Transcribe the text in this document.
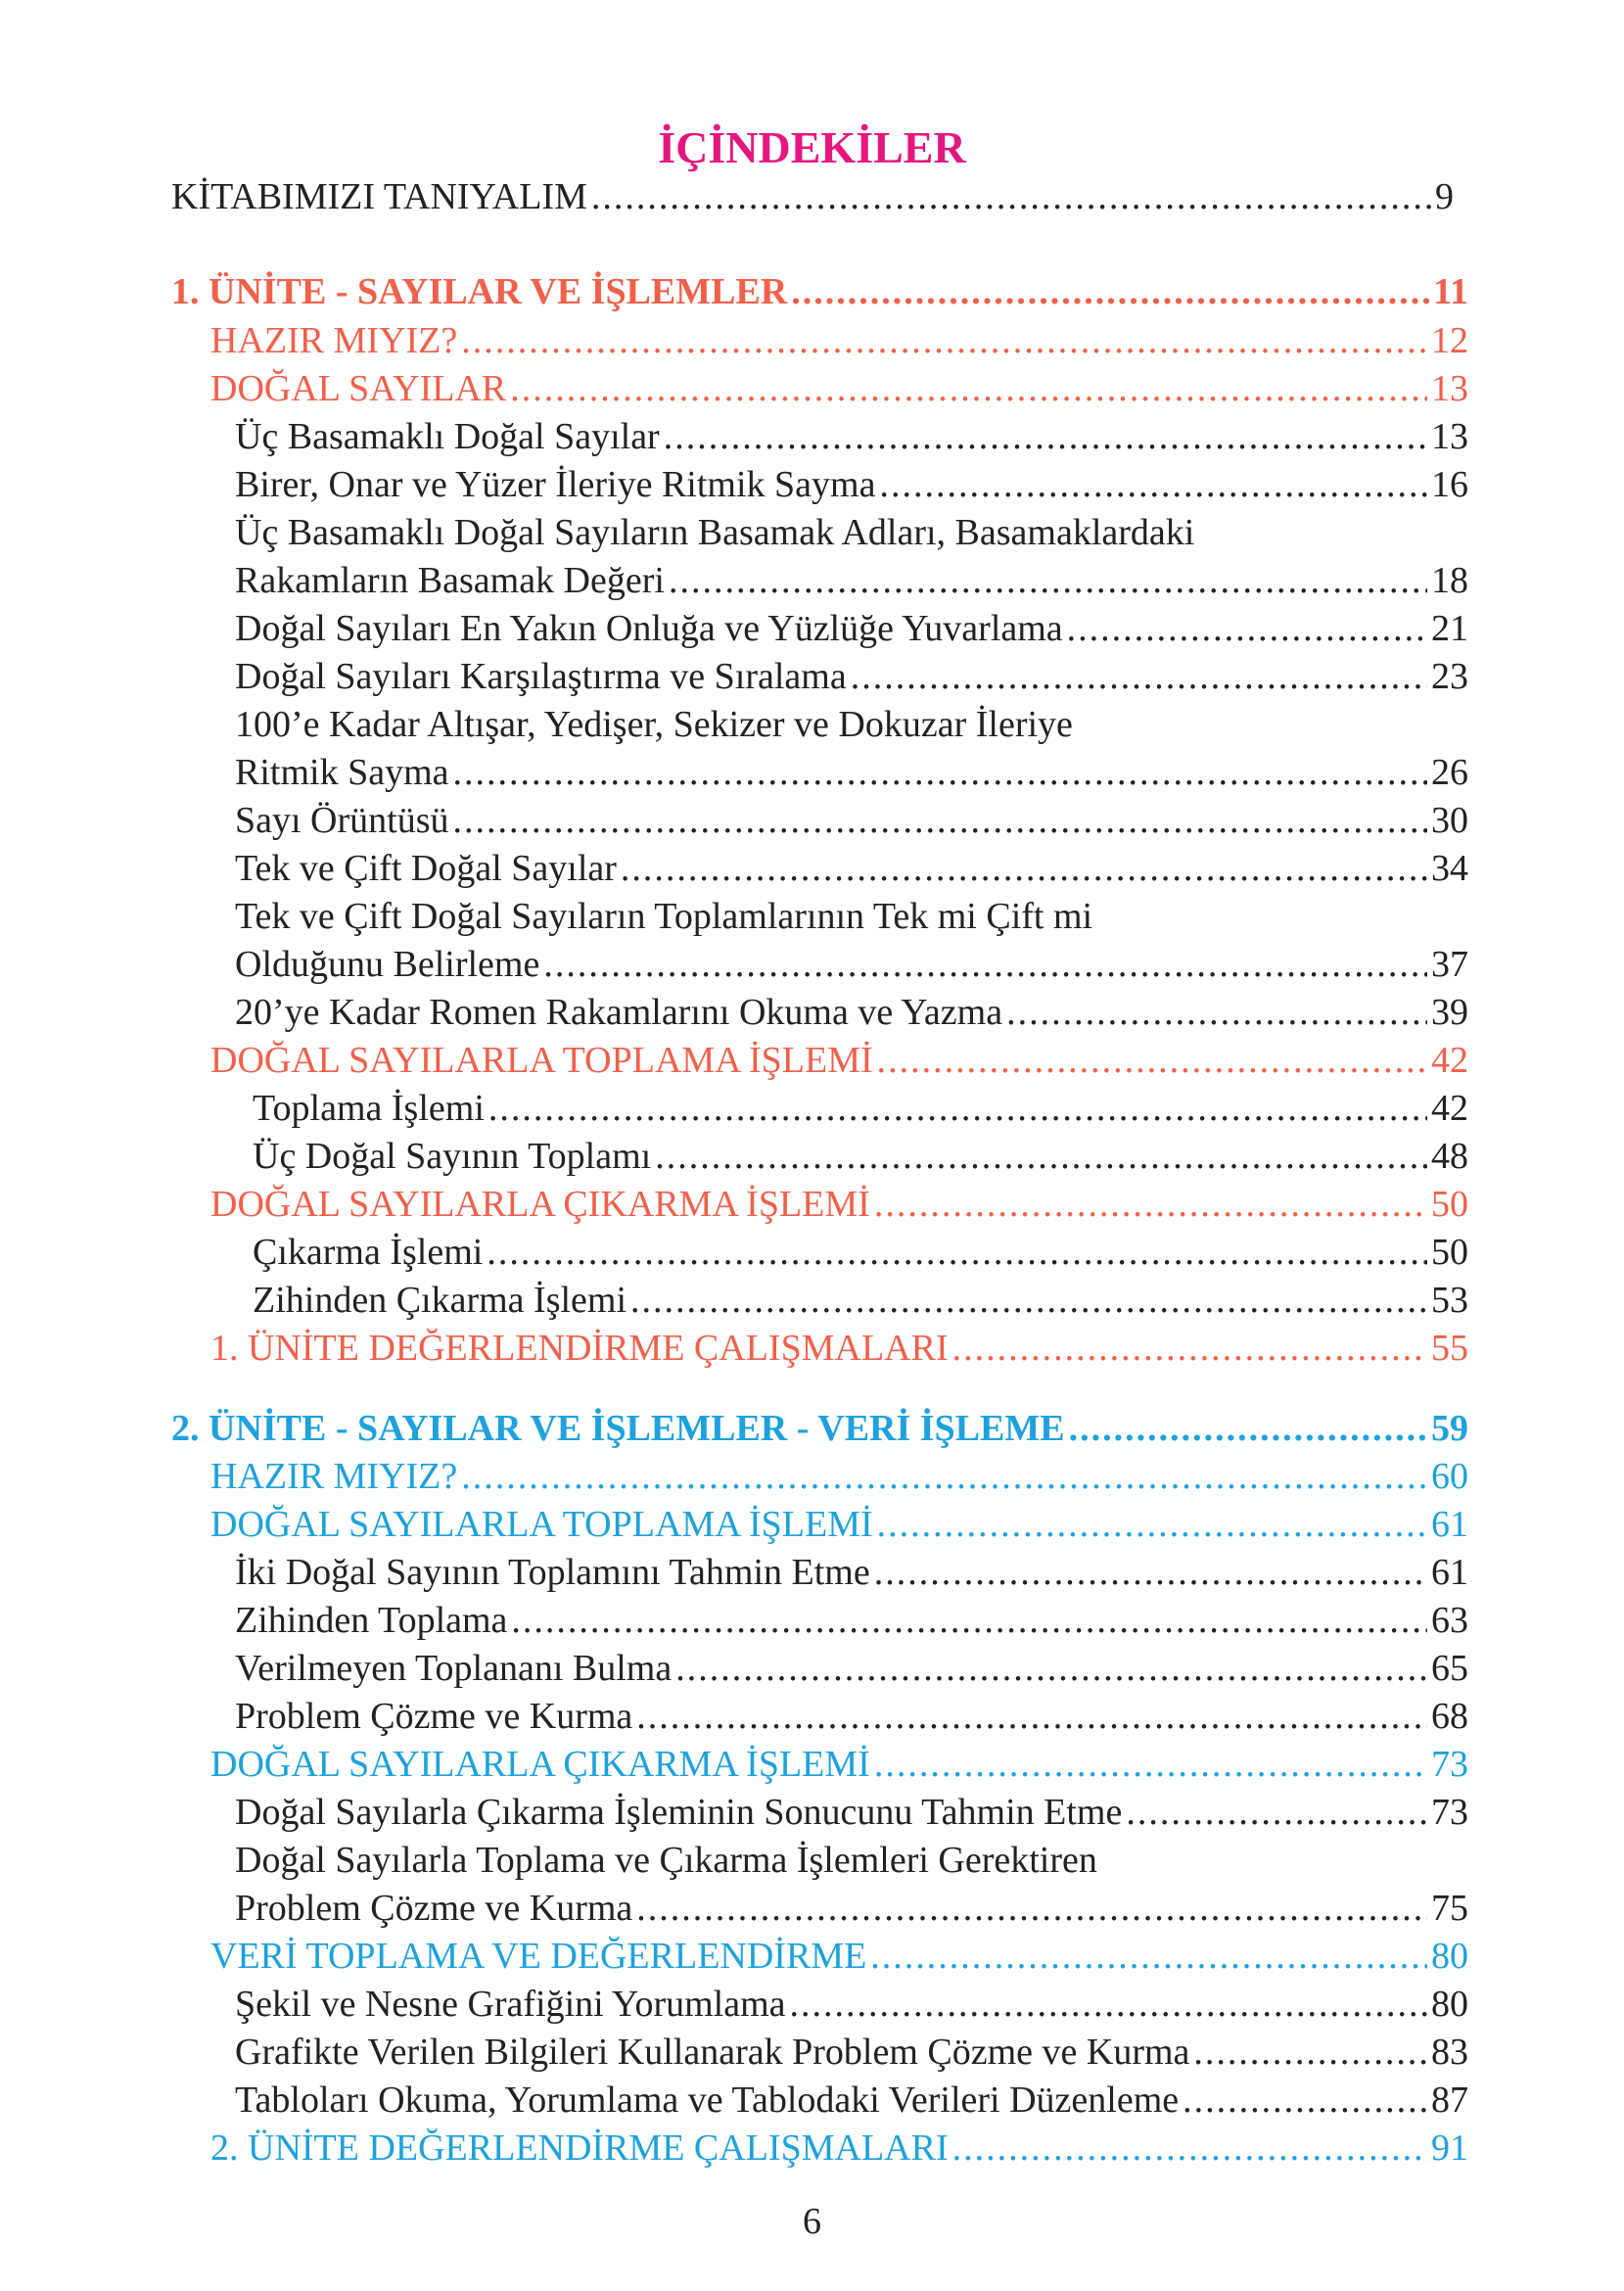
İÇİNDEKİLER
KİTABIMIZI TANIYALIM .....	9
1. ÜNİTE - SAYILAR VE İŞLEMLER .....	11
HAZIR MIYIZ? .....	12
DOĞAL SAYILAR .....	13
Üç Basamaklı Doğal Sayılar .....	13
Birer, Onar ve Yüzer İleriye Ritmik Sayma .....	16
Üç Basamaklı Doğal Sayıların Basamak Adları, Basamaklardaki
Rakamların Basamak Değeri .....	18
Doğal Sayıları En Yakın Onluğa ve Yüzlüğe Yuvarlama .....	21
Doğal Sayıları Karşılaştırma ve Sıralama .....	23
100’e Kadar Altışar, Yedişer, Sekizer ve Dokuzar İleriye
Ritmik Sayma .....	26
Sayı Örüntüsü .....	30
Tek ve Çift Doğal Sayılar .....	34
Tek ve Çift Doğal Sayıların Toplamlarının Tek mi Çift mi
Olduğunu Belirleme .....	37
20’ye Kadar Romen Rakamlarını Okuma ve Yazma .....	39
DOĞAL SAYILARLA TOPLAMA İŞLEMİ .....	42
Toplama İşlemi .....	42
Üç Doğal Sayının Toplamı .....	48
DOĞAL SAYILARLA ÇIKARMA İŞLEMİ .....	50
Çıkarma İşlemi .....	50
Zihinden Çıkarma İşlemi .....	53
1. ÜNİTE DEĞERLENDİRME ÇALIŞMALARI .....	55
2. ÜNİTE - SAYILAR VE İŞLEMLER - VERİ İŞLEME .....	59
HAZIR MIYIZ? .....	60
DOĞAL SAYILARLA TOPLAMA İŞLEMİ .....	61
İki Doğal Sayının Toplamını Tahmin Etme .....	61
Zihinden Toplama .....	63
Verilmeyen Toplananı Bulma .....	65
Problem Çözme ve Kurma .....	68
DOĞAL SAYILARLA ÇIKARMA İŞLEMİ .....	73
Doğal Sayılarla Çıkarma İşleminin Sonucunu Tahmin Etme .....	73
Doğal Sayılarla Toplama ve Çıkarma İşlemleri Gerektiren
Problem Çözme ve Kurma .....	75
VERİ TOPLAMA VE DEĞERLENDİRME .....	80
Şekil ve Nesne Grafiğini Yorumlama .....	80
Grafikte Verilen Bilgileri Kullanarak Problem Çözme ve Kurma .....	83
Tabloları Okuma, Yorumlama ve Tablodaki Verileri Düzenleme .....	87
2. ÜNİTE DEĞERLENDİRME ÇALIŞMALARI .....	91
6
